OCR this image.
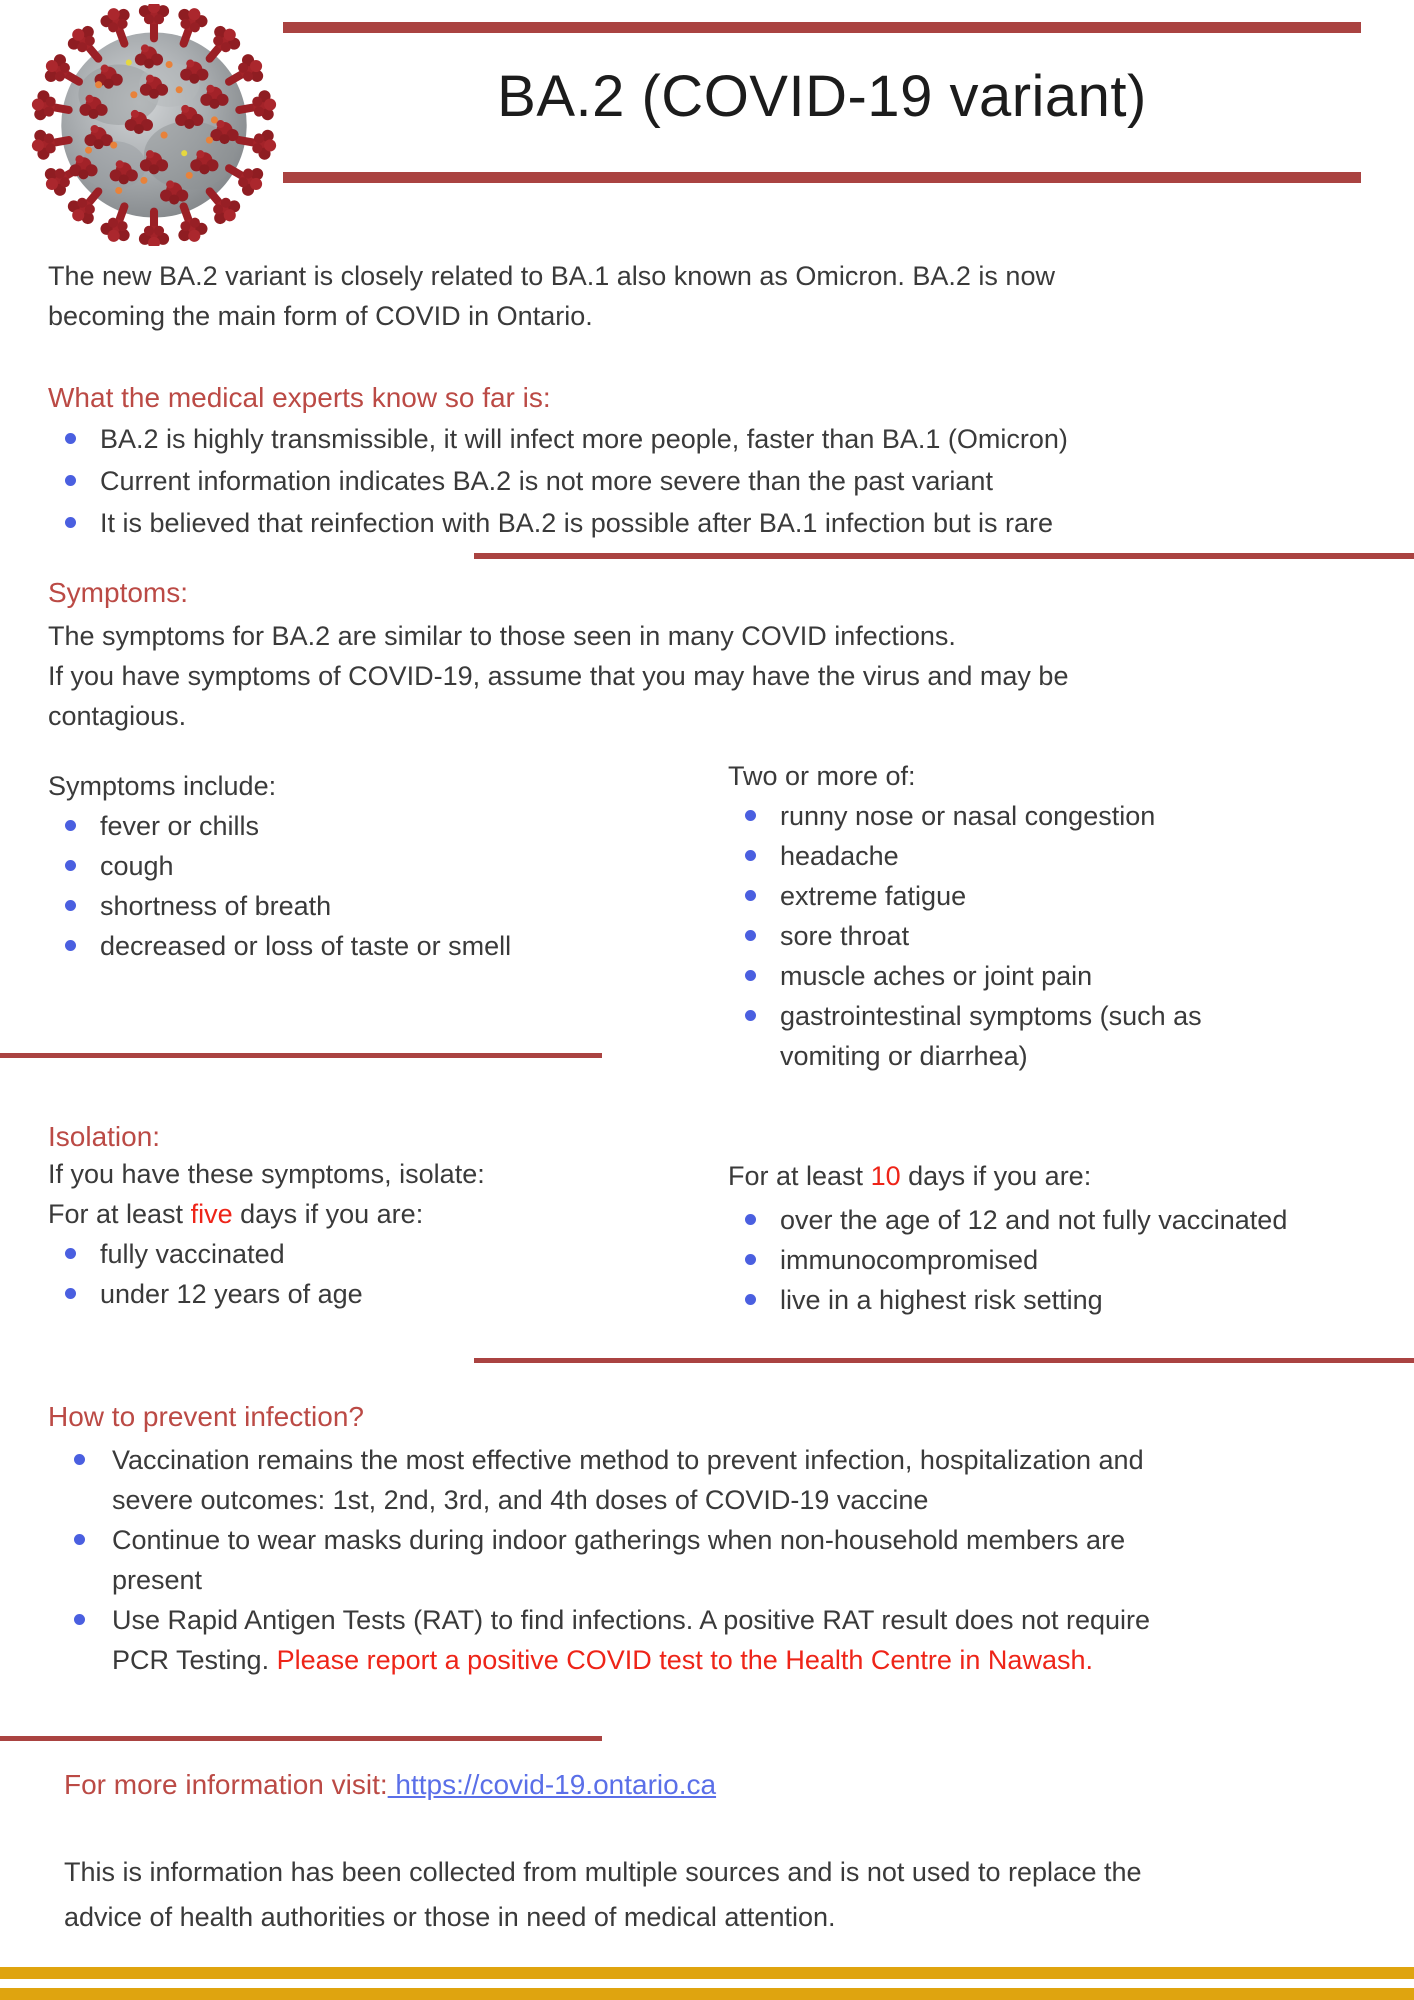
BA.2 (COVID-19 variant)
The new BA.2 variant is closely related to BA.1 also known as Omicron. BA.2 is now
becoming the main form of COVID in Ontario.
What the medical experts know so far is:
BA.2 is highly transmissible, it will infect more people, faster than BA.1 (Omicron)
Current information indicates BA.2 is not more severe than the past variant
It is believed that reinfection with BA.2 is possible after BA.1 infection but is rare
Symptoms:
The symptoms for BA.2 are similar to those seen in many COVID infections.
If you have symptoms of COVID-19, assume that you may have the virus and may be
contagious.
Symptoms include:
fever or chills
cough
shortness of breath
decreased or loss of taste or smell
Two or more of:
runny nose or nasal congestion
headache
extreme fatigue
sore throat
muscle aches or joint pain
gastrointestinal symptoms (such as
vomiting or diarrhea)
Isolation:
If you have these symptoms, isolate:
For at least five days if you are:
fully vaccinated
under 12 years of age
For at least 10 days if you are:
over the age of 12 and not fully vaccinated
immunocompromised
live in a highest risk setting
How to prevent infection?
Vaccination remains the most effective method to prevent infection, hospitalization and
severe outcomes: 1st, 2nd, 3rd, and 4th doses of COVID-19 vaccine
Continue to wear masks during indoor gatherings when non-household members are
present
Use Rapid Antigen Tests (RAT) to find infections. A positive RAT result does not require
PCR Testing. Please report a positive COVID test to the Health Centre in Nawash.
For more information visit: https://covid-19.ontario.ca
This is information has been collected from multiple sources and is not used to replace the
advice of health authorities or those in need of medical attention.
